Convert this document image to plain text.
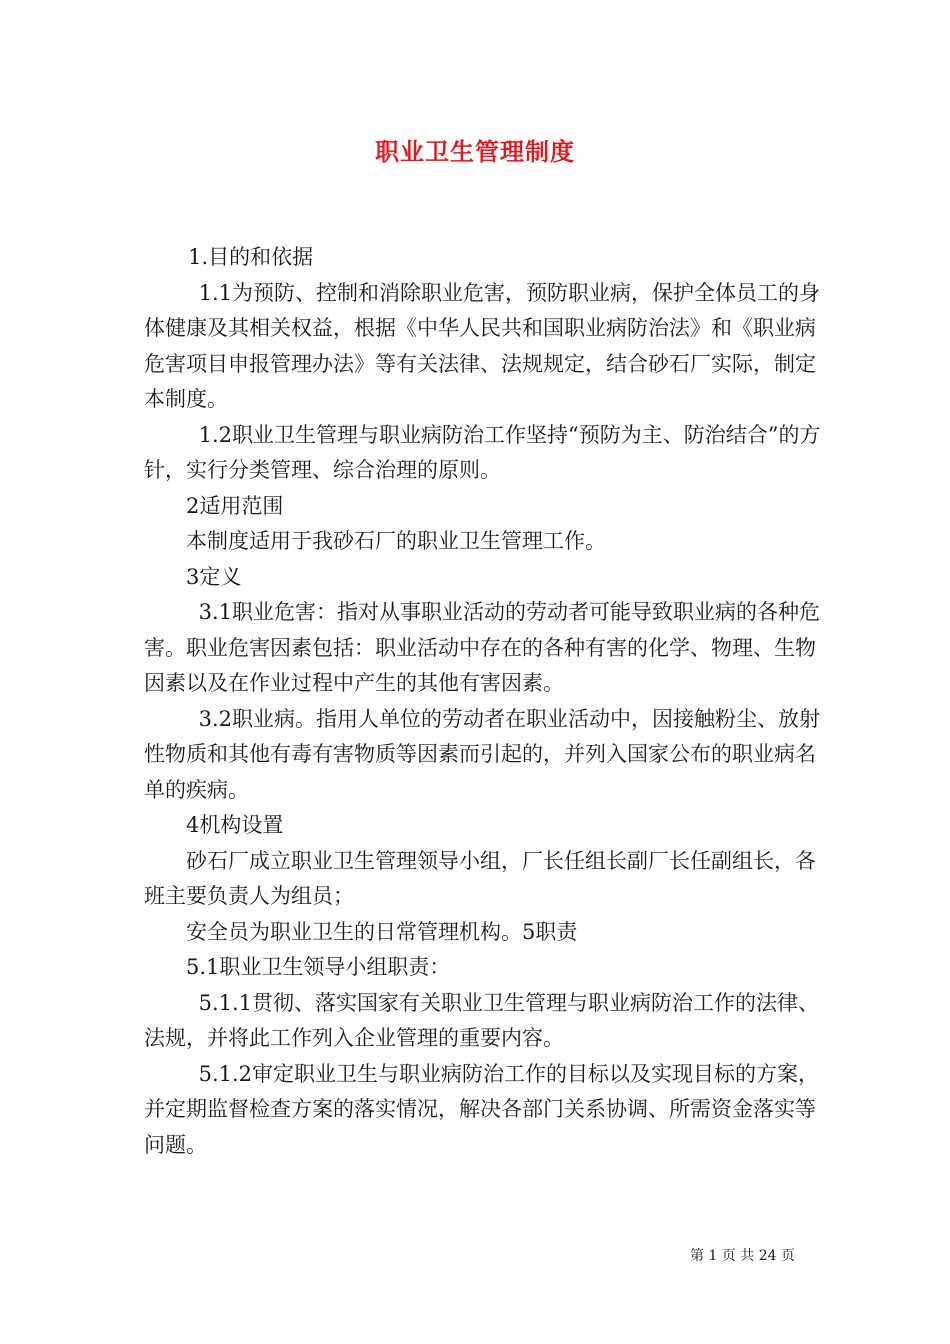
职业卫生管理制度

1.目的和依据

1.1为预防、控制和消除职业危害，预防职业病，保护全体员工的身体健康及其相关权益，根据《中华人民共和国职业病防治法》和《职业病危害项目申报管理办法》等有关法律、法规规定，结合砂石厂实际，制定本制度。

1.2职业卫生管理与职业病防治工作坚持“预防为主、防治结合”的方针，实行分类管理、综合治理的原则。

2适用范围

本制度适用于我砂石厂的职业卫生管理工作。

3定义

3.1职业危害：指对从事职业活动的劳动者可能导致职业病的各种危害。职业危害因素包括：职业活动中存在的各种有害的化学、物理、生物因素以及在作业过程中产生的其他有害因素。

3.2职业病。指用人单位的劳动者在职业活动中，因接触粉尘、放射性物质和其他有毒有害物质等因素而引起的，并列入国家公布的职业病名单的疾病。

4机构设置

砂石厂成立职业卫生管理领导小组，厂长任组长副厂长任副组长，各班主要负责人为组员；

安全员为职业卫生的日常管理机构。5职责

5.1职业卫生领导小组职责：

5.1.1贯彻、落实国家有关职业卫生管理与职业病防治工作的法律、法规，并将此工作列入企业管理的重要内容。

5.1.2审定职业卫生与职业病防治工作的目标以及实现目标的方案，并定期监督检查方案的落实情况，解决各部门关系协调、所需资金落实等问题。

第 1 页 共 24 页
